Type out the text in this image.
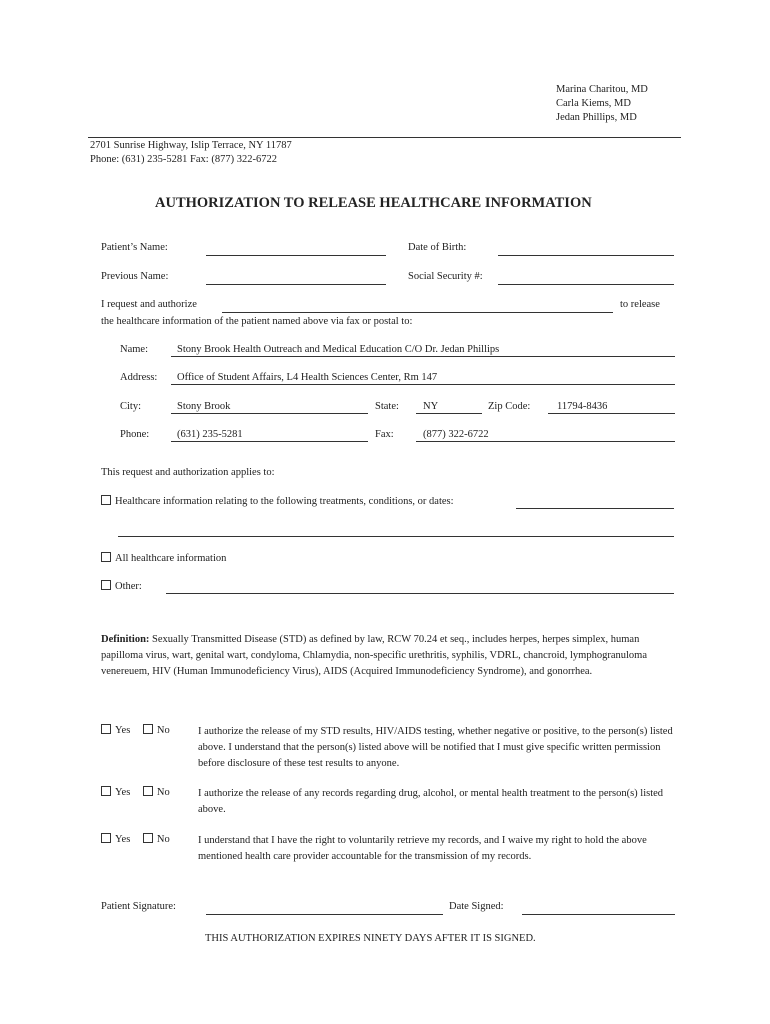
Marina Charitou, MD
Carla Kiems, MD
Jedan Phillips, MD
2701 Sunrise Highway, Islip Terrace, NY 11787
Phone: (631) 235-5281 Fax: (877) 322-6722
AUTHORIZATION TO RELEASE HEALTHCARE INFORMATION
Patient’s Name:	Date of Birth:
Previous Name:	Social Security #:
I request and authorize	to release
the healthcare information of the patient named above via fax or postal to:
Name:	Stony Brook Health Outreach and Medical Education C/O Dr. Jedan Phillips
Address:	Office of Student Affairs, L4 Health Sciences Center, Rm 147
City:	Stony Brook	State:	NY	Zip Code:	11794-8436
Phone:	(631) 235-5281	Fax:	(877) 322-6722
This request and authorization applies to:
Healthcare information relating to the following treatments, conditions, or dates:
All healthcare information
Other:
Definition: Sexually Transmitted Disease (STD) as defined by law, RCW 70.24 et seq., includes herpes, herpes simplex, human papilloma virus, wart, genital wart, condyloma, Chlamydia, non-specific urethritis, syphilis, VDRL, chancroid, lymphogranuloma venereuem, HIV (Human Immunodeficiency Virus), AIDS (Acquired Immunodeficiency Syndrome), and gonorrhea.
Yes	No	I authorize the release of my STD results, HIV/AIDS testing, whether negative or positive, to the person(s) listed above. I understand that the person(s) listed above will be notified that I must give specific written permission before disclosure of these test results to anyone.
Yes	No	I authorize the release of any records regarding drug, alcohol, or mental health treatment to the person(s) listed above.
Yes	No	I understand that I have the right to voluntarily retrieve my records, and I waive my right to hold the above mentioned health care provider accountable for the transmission of my records.
Patient Signature:	Date Signed:
THIS AUTHORIZATION EXPIRES NINETY DAYS AFTER IT IS SIGNED.
